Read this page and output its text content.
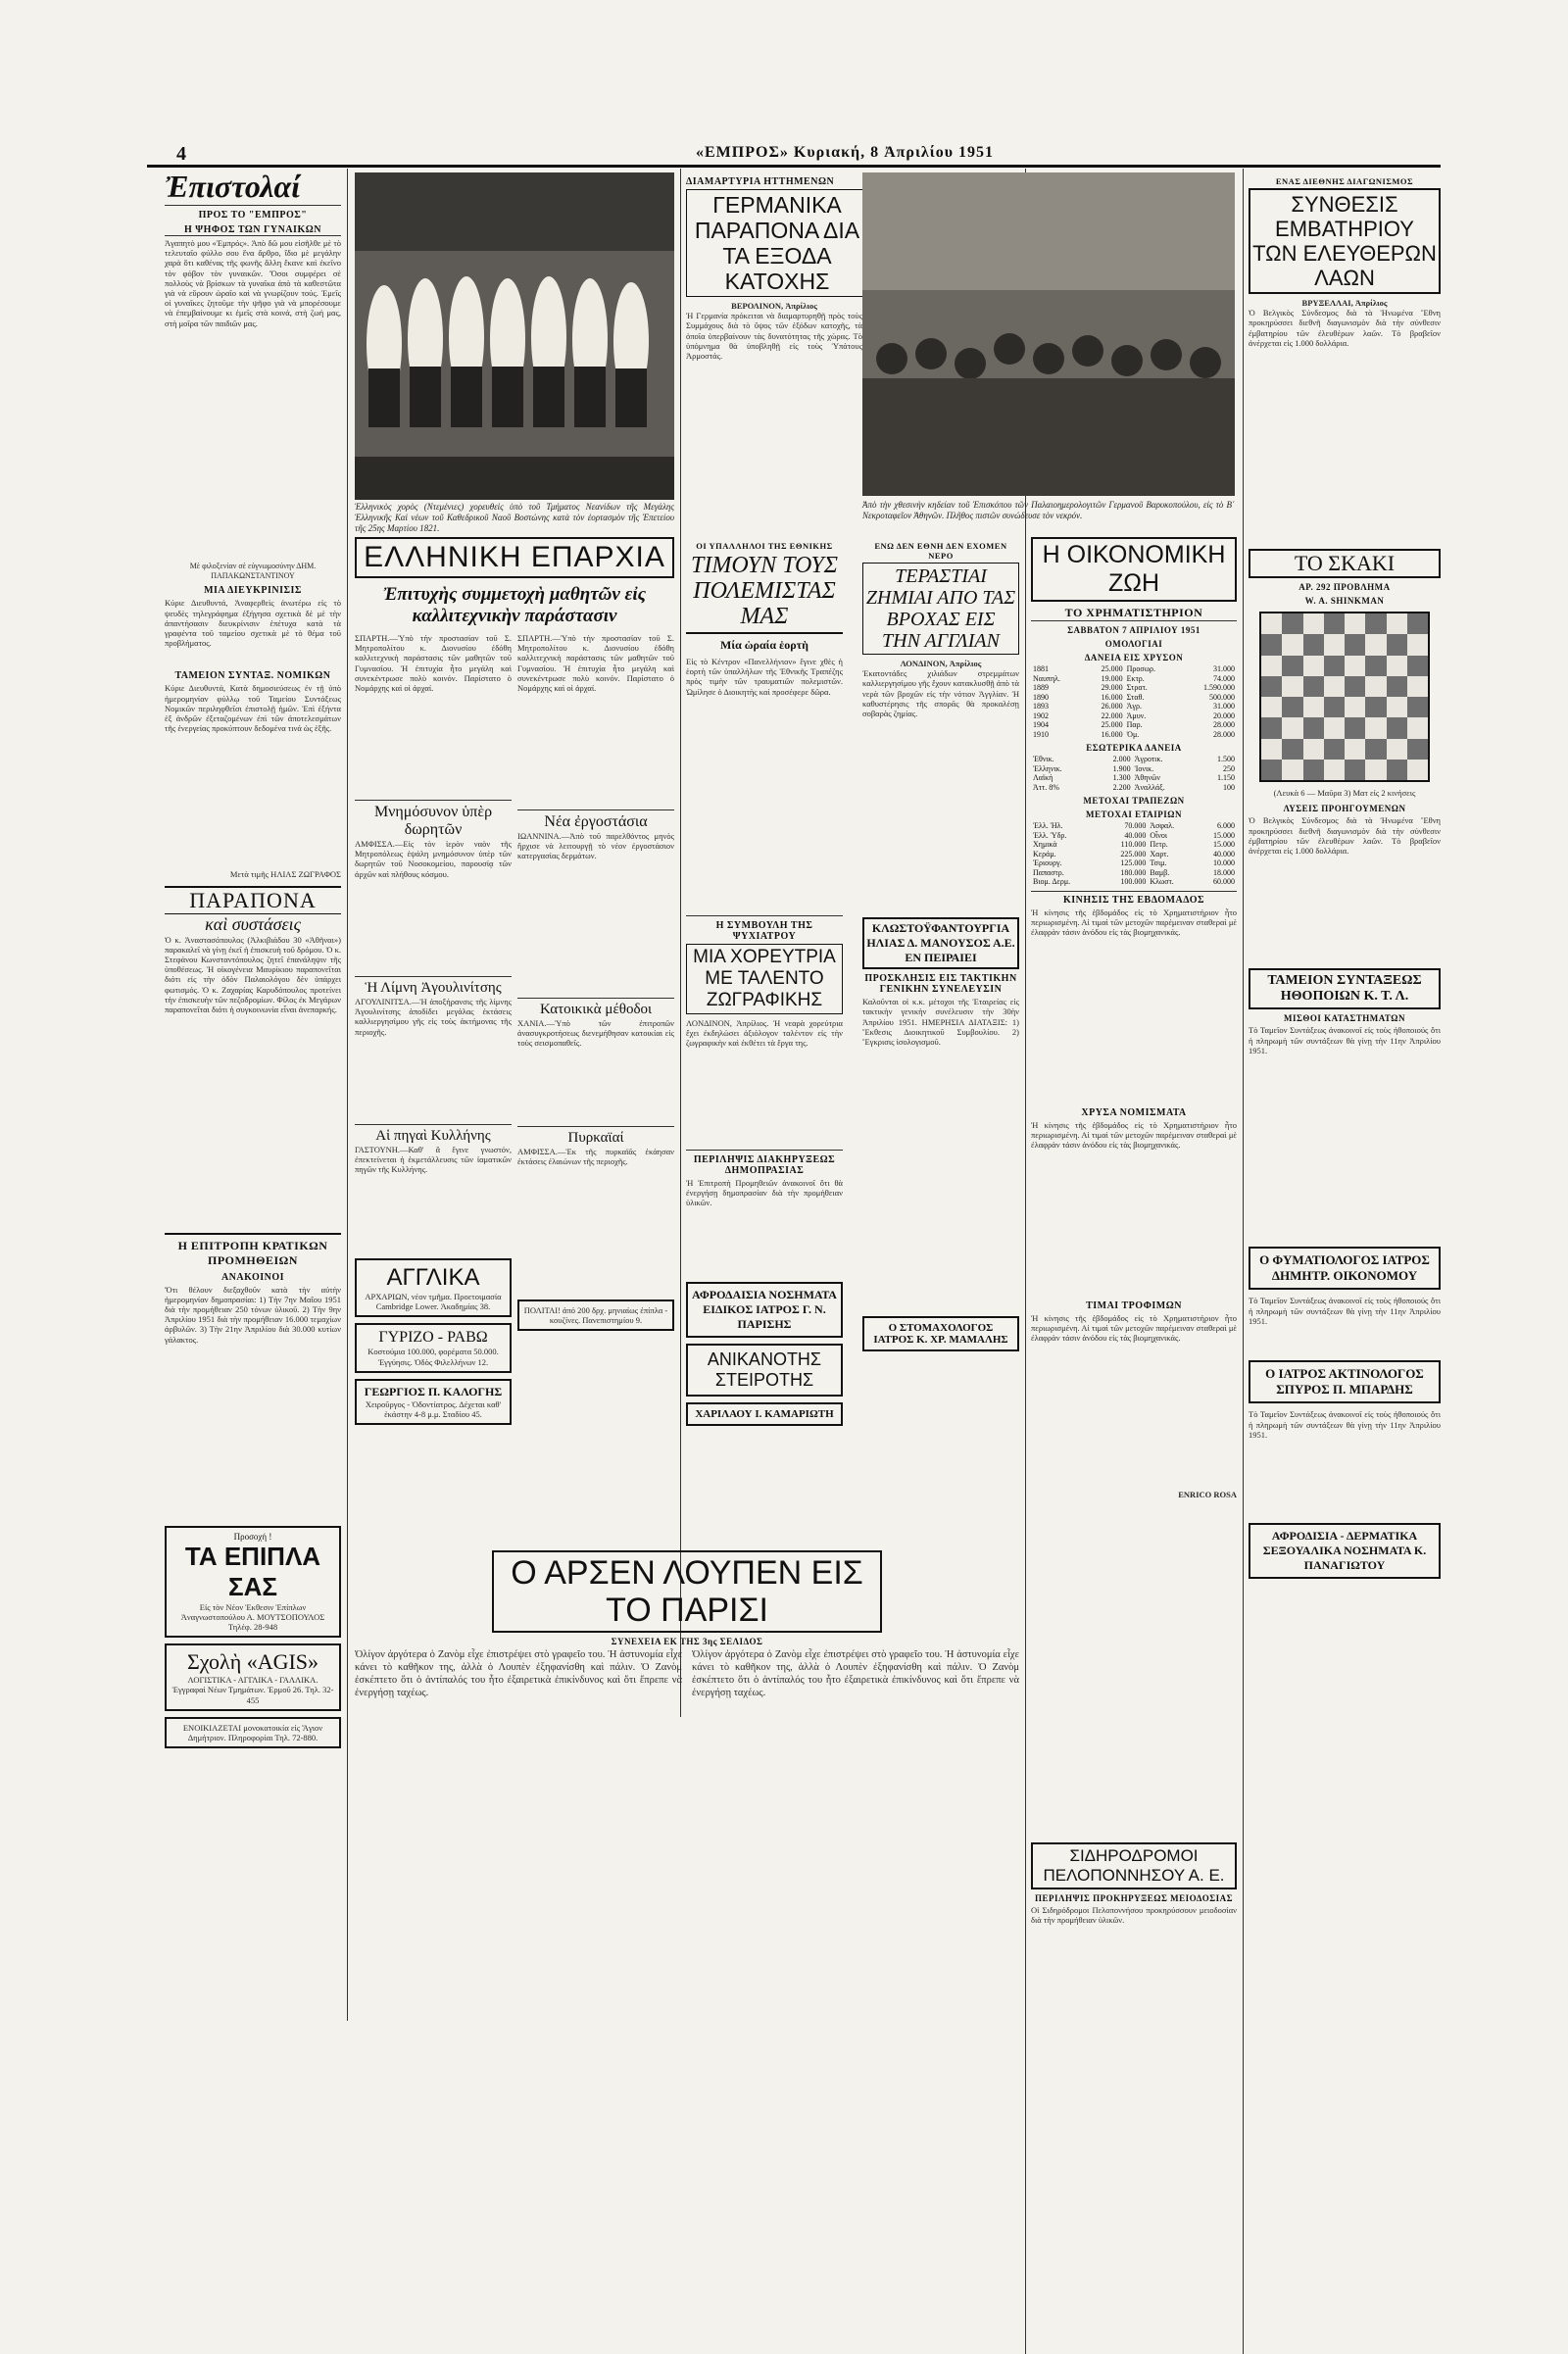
4	«ΕΜΠΡΟΣ» Κυριακή, 8 Ἀπριλίου 1951
Ἐπιστολαί
ΠΡΟΣ ΤΟ "ΕΜΠΡΟΣ"
Η ΨΗΦΟΣ ΤΩΝ ΓΥΝΑΙΚΩΝ
Ἀγαπητὸ μου «Ἐμπρός». Ἀπὸ δῶ μου εἰσῆλθε μὲ τὸ τελευταῖο φύλλο σου ἕνα ἄρθρο, ἴδιο μὲ μεγάλην χαρὰ ὅτι καθένας τῆς φωνῆς ἄλλη ἔκανε καὶ ἐκεῖνο τὸν φόβον τὸν γυναικῶν. Ὅσοι συμφέρει σὲ πολλοὺς νὰ βρίσκων τὰ γυναῖκα ἀπὸ τὰ καθεστῶτα γιὰ νὰ εὕρουν ὡραῖο καὶ νὰ γνωρίζουν τούς. Ἐμεῖς οἱ γυναῖκες ζητοῦμε τὴν ψῆφο γιὰ νὰ μπορέσουμε νὰ ἐπεμβαίνουμε κι ἐμεῖς στὰ κοινά, στὴ ζωή μας, στὴ μοῖρα τῶν παιδιῶν μας.
Μὲ φιλοξενίαν σὲ εὐγνωμοσύνην ΔΗΜ. ΠΑΠΑΚΩΝΣΤΑΝΤΙΝΟΥ
ΜΙΑ ΔΙΕΥΚΡΙΝΙΣΙΣ
Κύριε Διευθυντά, Ἀναφερθεὶς ἀνωτέρω εἰς τὸ ψευδὲς τηλεγράφημα ἐξήγησα σχετικὰ δὲ μὲ τὴν ἀπαντήσασιν διευκρίνισιν ἐπέτυχα κατὰ τὰ γραφέντα τοῦ ταμείου σχετικὰ μὲ τὸ θέμα τοῦ προβλήματος.
ΤΑΜΕΙΟΝ ΣΥΝΤΑΞ. ΝΟΜΙΚΩΝ
Κύριε Διευθυντά, Κατὰ δημοσιεύσεως ἐν τῇ ὑπὸ ἡμερομηνίαν φύλλῳ τοῦ Ταμείου Συντάξεως Νομικῶν περιληφθεῖσι ἐπιστολῇ ἡμῶν. Ἐπὶ ἐξήντα ἑξ ἀνδρῶν ἐξεταζομένων ἐπὶ τῶν ἀποτελεσμάτων τῆς ἐνεργείας προκύπτουν δεδομένα τινά ὡς ἑξῆς.
Μετὰ τιμῆς ΗΛΙΑΣ ΖΩΓΡΑΦΟΣ
ΠΑΡΑΠΟΝΑ
καὶ συστάσεις
Ὁ κ. Ἀναστασόπουλος (Ἀλκιβιάδου 30 «Ἀθῆναι») παρακαλεῖ νὰ γίνῃ ἐκεῖ ἡ ἐπισκευὴ τοῦ δρόμου. Ὁ κ. Στεφάνου Κωνσταντόπουλος ζητεῖ ἐπανάληψιν τῆς ὑποθέσεως. Ἡ οἰκογένεια Μαυρίκιου παραπονεῖται διότι εἰς τὴν ὁδὸν Παλαιολόγου δὲν ὑπάρχει φωτισμός. Ὁ κ. Ζαχαρίας Καρυδόπουλος προτείνει τὴν ἐπισκευὴν τῶν πεζοδρομίων. Φίλος ἐκ Μεγάρων παραπονεῖται διότι ἡ συγκοινωνία εἶναι ἀνεπαρκής.
Η ΕΠΙΤΡΟΠΗ ΚΡΑΤΙΚΩΝ ΠΡΟΜΗΘΕΙΩΝ
ΑΝΑΚΟΙΝΟΙ
Ὅτι θέλουν διεξαχθοῦν κατὰ τὴν αὐτὴν ἡμερομηνίαν δημοπρασίαι: 1) Τὴν 7ην Μαΐου 1951 διὰ τὴν προμήθειαν 250 τόνων ὑλικοῦ. 2) Τὴν 9ην Ἀπριλίου 1951 διὰ τὴν προμήθειαν 16.000 τεμαχίων ἀρβυλῶν. 3) Τὴν 21ην Ἀπριλίου διὰ 30.000 κυτίων γάλακτος.
Προσοχή !
ΤΑ ΕΠΙΠΛΑ ΣΑΣ
Εἰς τὸν Νέον Ἐκθεσιν Ἐπίπλων Ἀναγνωστοπούλου Α. ΜΟΥΤΣΟΠΟΥΛΟΣ Τηλέφ. 28-948
Σχολὴ «AGIS»
ΛΟΓΙΣΤΙΚΑ - ΑΓΓΛΙΚΑ - ΓΑΛΛΙΚΑ. Ἐγγραφαὶ Νέων Τμημάτων. Ἐρμοῦ 26. Τηλ. 32-455
ΕΝΟΙΚΙΑΖΕΤΑΙ μονοκατοικία εἰς Ἅγιον Δημήτριον. Πληροφορίαι Τηλ. 72-880.
Ἑλληνικὸς χορὸς (Ντεμένιες) χορευθεὶς ὑπὸ τοῦ Τμήματος Νεανίδων τῆς Μεγάλης Ἑλληνικῆς Καὶ νέων τοῦ Καθεδρικοῦ Ναοῦ Βοστώνης κατὰ τὸν ἑορτασμὸν τῆς Ἐπετείου τῆς 25ης Μαρτίου 1821.
ΕΛΛΗΝΙΚΗ ΕΠΑΡΧΙΑ
Ἐπιτυχὴς συμμετοχὴ μαθητῶν εἰς καλλιτεχνικὴν παράστασιν
ΣΠΑΡΤΗ.—Ὑπὸ τὴν προστασίαν τοῦ Σ. Μητροπολίτου κ. Διονυσίου ἐδόθη καλλιτεχνικὴ παράστασις τῶν μαθητῶν τοῦ Γυμνασίου. Ἡ ἐπιτυχία ἦτο μεγάλη καὶ συνεκέντρωσε πολὺ κοινόν. Παρίστατο ὁ Νομάρχης καὶ οἱ ἀρχαί.
Μνημόσυνον ὑπὲρ δωρητῶν
ΑΜΦΙΣΣΑ.—Εἰς τὸν ἱερὸν ναὸν τῆς Μητροπόλεως ἐψάλη μνημόσυνον ὑπὲρ τῶν δωρητῶν τοῦ Νοσοκομείου, παρουσίᾳ τῶν ἀρχῶν καὶ πλήθους κόσμου.
Ἡ Λίμνη Ἀγουλινίτσης
ΑΓΟΥΛΙΝΙΤΣΑ.—Ἡ ἀποξήρανσις τῆς λίμνης Ἀγουλινίτσης ἀποδίδει μεγάλας ἐκτάσεις καλλιεργησίμου γῆς εἰς τοὺς ἀκτήμονας τῆς περιοχῆς.
Αἱ πηγαὶ Κυλλήνης
ΓΑΣΤΟΥΝΗ.—Καθ' ἃ ἔγινε γνωστόν, ἐπεκτείνεται ἡ ἐκμετάλλευσις τῶν ἰαματικῶν πηγῶν τῆς Κυλλήνης.
ΑΓΓΛΙΚΑ
ΑΡΧΑΡΙΩΝ, νέον τμῆμα. Προετοιμασία Cambridge Lower. Ἀκαδημίας 38.
ΓΥΡΙΖΟ - ΡΑΒΩ
Κοστούμια 100.000, φορέματα 50.000. Ἐγγύησις. Ὁδὸς Φιλελλήνων 12.
ΓΕΩΡΓΙΟΣ Π. ΚΑΛΟΓΗΣ
Χειροῦργος - Ὀδοντίατρος. Δέχεται καθ' ἑκάστην 4-8 μ.μ. Σταδίου 45.
ΣΠΑΡΤΗ.—Ὑπὸ τὴν προστασίαν τοῦ Σ. Μητροπολίτου κ. Διονυσίου ἐδόθη καλλιτεχνικὴ παράστασις τῶν μαθητῶν τοῦ Γυμνασίου. Ἡ ἐπιτυχία ἦτο μεγάλη καὶ συνεκέντρωσε πολὺ κοινόν. Παρίστατο ὁ Νομάρχης καὶ οἱ ἀρχαί.
Νέα ἐργοστάσια
ΙΩΑΝΝΙΝΑ.—Ἀπὸ τοῦ παρελθόντος μηνὸς ἤρχισε νὰ λειτουργῇ τὸ νέον ἐργοστάσιον κατεργασίας δερμάτων.
Κατοικικὰ μέθοδοι
ΧΑΝΙΑ.—Ὑπὸ τῶν ἐπιτροπῶν ἀνασυγκροτήσεως διενεμήθησαν κατοικίαι εἰς τοὺς σεισμοπαθεῖς.
Πυρκαϊαί
ΑΜΦΙΣΣΑ.—Ἐκ τῆς πυρκαϊᾶς ἐκάησαν ἐκτάσεις ἐλαιώνων τῆς περιοχῆς.
ΠΟΛΙΤΑΙ! ἀπό 200 δρχ. μηνιαίως ἐπίπλα - κουζίνες. Πανεπιστημίου 9.
ΟΙ ΥΠΑΛΛΗΛΟΙ ΤΗΣ ΕΘΝΙΚΗΣ
ΤΙΜΟΥΝ ΤΟΥΣ ΠΟΛΕΜΙΣΤΑΣ ΜΑΣ
Μία ὡραία ἑορτὴ
Εἰς τὸ Κέντρον «Πανελλήνιον» ἔγινε χθὲς ἡ ἑορτὴ τῶν ὑπαλλήλων τῆς Ἐθνικῆς Τραπέζης πρὸς τιμὴν τῶν τραυματιῶν πολεμιστῶν. Ὡμίλησε ὁ Διοικητὴς καὶ προσέφερε δῶρα.
Η ΣΥΜΒΟΥΛΗ ΤΗΣ ΨΥΧΙΑΤΡΟΥ
ΜΙΑ ΧΟΡΕΥΤΡΙΑ ΜΕ ΤΑΛΕΝΤΟ ΖΩΓΡΑΦΙΚΗΣ
ΛΟΝΔΙΝΟΝ, Ἀπρίλιος. Ἡ νεαρὰ χορεύτρια ἔχει ἐκδηλώσει ἀξιόλογον ταλέντον εἰς τὴν ζωγραφικὴν καὶ ἐκθέτει τὰ ἔργα της.
ΠΕΡΙΛΗΨΙΣ ΔΙΑΚΗΡΥΞΕΩΣ ΔΗΜΟΠΡΑΣΙΑΣ
Ἡ Ἐπιτροπὴ Προμηθειῶν ἀνακοινοῖ ὅτι θὰ ἐνεργήσῃ δημοπρασίαν διὰ τὴν προμήθειαν ὑλικῶν.
ΑΦΡΟΔΑΙΣΙΑ ΝΟΣΗΜΑΤΑ ΕΙΔΙΚΟΣ ΙΑΤΡΟΣ Γ. Ν. ΠΑΡΙΣΗΣ
ΑΝΙΚΑΝΟΤΗΣ ΣΤΕΙΡΟΤΗΣ
ΧΑΡΙΛΑΟΥ Ι. ΚΑΜΑΡΙΩΤΗ
ΔΙΑΜΑΡΤΥΡΙΑ ΗΤΤΗΜΕΝΩΝ
ΓΕΡΜΑΝΙΚΑ ΠΑΡΑΠΟΝΑ ΔΙΑ ΤΑ ΕΞΟΔΑ ΚΑΤΟΧΗΣ
ΒΕΡΟΛΙΝΟΝ, Ἀπρίλιος
Ἡ Γερμανία πρόκειται νὰ διαμαρτυρηθῇ πρὸς τοὺς Συμμάχους διὰ τὸ ὕψος τῶν ἐξόδων κατοχῆς, τὰ ὁποῖα ὑπερβαίνουν τὰς δυνατότητας τῆς χώρας. Τὸ ὑπόμνημα θὰ ὑποβληθῇ εἰς τοὺς Ὑπάτους Ἀρμοστάς.
Ἀπὸ τὴν χθεσινὴν κηδείαν τοῦ Ἐπισκόπου τῶν Παλαιοημερολογιτῶν Γερμανοῦ Βαρυκοπούλου, εἰς τὸ Β΄ Νεκροταφεῖον Ἀθηνῶν. Πλῆθος πιστῶν συνώδευσε τὸν νεκρόν.
ΕΝΩ ΔΕΝ ΕΘΝΗ ΔΕΝ ΕΧΟΜΕΝ ΝΕΡΟ
ΤΕΡΑΣΤΙΑΙ ΖΗΜΙΑΙ ΑΠΟ ΤΑΣ ΒΡΟΧΑΣ ΕΙΣ ΤΗΝ ΑΓΓΛΙΑΝ
ΛΟΝΔΙΝΟΝ, Ἀπρίλιος
Ἐκατοντάδες χιλιάδων στρεμμάτων καλλιεργησίμου γῆς ἔχουν κατακλυσθῇ ἀπὸ τὰ νερὰ τῶν βροχῶν εἰς τὴν νότιον Ἀγγλίαν. Ἡ καθυστέρησις τῆς σπορᾶς θὰ προκαλέσῃ σοβαρὰς ζημίας.
ΚΛΩΣΤΟΫΦΑΝΤΟΥΡΓΙΑ ΗΛΙΑΣ Δ. ΜΑΝΟΥΣΟΣ Α.Ε. ΕΝ ΠΕΙΡΑΙΕΙ
ΠΡΟΣΚΛΗΣΙΣ ΕΙΣ ΤΑΚΤΙΚΗΝ ΓΕΝΙΚΗΝ ΣΥΝΕΛΕΥΣΙΝ
Καλοῦνται οἱ κ.κ. μέτοχοι τῆς Ἑταιρείας εἰς τακτικὴν γενικὴν συνέλευσιν τὴν 30ὴν Ἀπριλίου 1951. ΗΜΕΡΗΣΙΑ ΔΙΑΤΑΞΙΣ: 1) Ἔκθεσις Διοικητικοῦ Συμβουλίου. 2) Ἔγκρισις ἰσολογισμοῦ.
Ο ΣΤΟΜΑΧΟΛΟΓΟΣ ΙΑΤΡΟΣ Κ. ΧΡ. ΜΑΜΑΛΗΣ
Η ΟΙΚΟΝΟΜΙΚΗ ΖΩΗ
ΤΟ ΧΡΗΜΑΤΙΣΤΗΡΙΟΝ
ΣΑΒΒΑΤΟΝ 7 ΑΠΡΙΛΙΟΥ 1951
ΟΜΟΛΟΓΙΑΙ
ΔΑΝΕΙΑ ΕΙΣ ΧΡΥΣΟΝ
1881	25.000	Προσωρ.	31.000
Ναυπηλ.	19.000	Εκτρ.	74.000
1889	29.000	Στρατ.	1.590.000
1890	16.000	Σταθ.	500.000
1893	26.000	Ἀγρ.	31.000
1902	22.000	Ἀμυν.	20.000
1904	25.000	Παρ.	28.000
1910	16.000	Ὀμ.	28.000
ΕΣΩΤΕΡΙΚΑ ΔΑΝΕΙΑ
Ἐθνικ.	2.000	Ἀγροτικ.	1.500
Ἐλληνικ.	1.900	Ἰονικ.	250
Λαϊκή	1.300	Ἀθηνῶν	1.150
Ἀττ. 8%	2.200	Ἀναλλάξ.	100
ΜΕΤΟΧΑΙ ΤΡΑΠΕΖΩΝ
ΜΕΤΟΧΑΙ ΕΤΑΙΡΙΩΝ
Ἑλλ. Ἠλ.	70.000	Ἀσφαλ.	6.000
Ἑλλ. Ὑδρ.	40.000	Οἶνοι	15.000
Χημικὰ	110.000	Πετρ.	15.000
Κεράμ.	225.000	Χαρτ.	40.000
Ἐριουργ.	125.000	Τσιμ.	10.000
Παπαστρ.	180.000	Βαμβ.	18.000
Βιομ. Δερμ.	100.000	Κλωστ.	60.000
ΚΙΝΗΣΙΣ ΤΗΣ ΕΒΔΟΜΑΔΟΣ
Ἡ κίνησις τῆς ἑβδομάδος εἰς τὸ Χρηματιστήριον ἦτο περιωρισμένη. Αἱ τιμαὶ τῶν μετοχῶν παρέμειναν σταθεραὶ μὲ ἐλαφρὰν τάσιν ἀνόδου εἰς τὰς βιομηχανικάς.
ΧΡΥΣΑ ΝΟΜΙΣΜΑΤΑ
Ἡ κίνησις τῆς ἑβδομάδος εἰς τὸ Χρηματιστήριον ἦτο περιωρισμένη. Αἱ τιμαὶ τῶν μετοχῶν παρέμειναν σταθεραὶ μὲ ἐλαφρὰν τάσιν ἀνόδου εἰς τὰς βιομηχανικάς.
ΤΙΜΑΙ ΤΡΟΦΙΜΩΝ
Ἡ κίνησις τῆς ἑβδομάδος εἰς τὸ Χρηματιστήριον ἦτο περιωρισμένη. Αἱ τιμαὶ τῶν μετοχῶν παρέμειναν σταθεραὶ μὲ ἐλαφρὰν τάσιν ἀνόδου εἰς τὰς βιομηχανικάς.
ENRICO ROSA
ΕΝΑΣ ΔΙΕΘΝΗΣ ΔΙΑΓΩΝΙΣΜΟΣ
ΣΥΝΘΕΣΙΣ ΕΜΒΑΤΗΡΙΟΥ ΤΩΝ ΕΛΕΥΘΕΡΩΝ ΛΑΩΝ
ΒΡΥΞΕΛΛΑΙ, Ἀπρίλιος
Ὁ Βελγικὸς Σύνδεσμος διὰ τὰ Ἡνωμένα Ἔθνη προκηρύσσει διεθνῆ διαγωνισμὸν διὰ τὴν σύνθεσιν ἐμβατηρίου τῶν ἐλευθέρων λαῶν. Τὸ βραβεῖον ἀνέρχεται εἰς 1.000 δολλάρια.
ΤΟ ΣΚΑΚΙ
ΑΡ. 292 ΠΡΟΒΛΗΜΑ
W. A. SHINKMAN
(Λευκὰ 6 — Μαῦρα 3) Ματ εἰς 2 κινήσεις
ΛΥΣΕΙΣ ΠΡΟΗΓΟΥΜΕΝΩΝ
Ὁ Βελγικὸς Σύνδεσμος διὰ τὰ Ἡνωμένα Ἔθνη προκηρύσσει διεθνῆ διαγωνισμὸν διὰ τὴν σύνθεσιν ἐμβατηρίου τῶν ἐλευθέρων λαῶν. Τὸ βραβεῖον ἀνέρχεται εἰς 1.000 δολλάρια.
ΤΑΜΕΙΟΝ ΣΥΝΤΑΞΕΩΣ ΗΘΟΠΟΙΩΝ Κ. Τ. Λ.
ΜΙΣΘΟΙ ΚΑΤΑΣΤΗΜΑΤΩΝ
Τὸ Ταμεῖον Συντάξεως ἀνακοινοῖ εἰς τοὺς ἠθοποιούς ὅτι ἡ πληρωμὴ τῶν συντάξεων θὰ γίνῃ τὴν 11ην Ἀπριλίου 1951.
Ο ΦΥΜΑΤΙΟΛΟΓΟΣ ΙΑΤΡΟΣ ΔΗΜΗΤΡ. ΟΙΚΟΝΟΜΟΥ
Τὸ Ταμεῖον Συντάξεως ἀνακοινοῖ εἰς τοὺς ἠθοποιούς ὅτι ἡ πληρωμὴ τῶν συντάξεων θὰ γίνῃ τὴν 11ην Ἀπριλίου 1951.
Ο ΙΑΤΡΟΣ ΑΚΤΙΝΟΛΟΓΟΣ ΣΠΥΡΟΣ Π. ΜΠΑΡΔΗΣ
Τὸ Ταμεῖον Συντάξεως ἀνακοινοῖ εἰς τοὺς ἠθοποιούς ὅτι ἡ πληρωμὴ τῶν συντάξεων θὰ γίνῃ τὴν 11ην Ἀπριλίου 1951.
ΑΦΡΟΔΙΣΙΑ - ΔΕΡΜΑΤΙΚΑ ΣΕΞΟΥΑΛΙΚΑ ΝΟΣΗΜΑΤΑ Κ. ΠΑΝΑΓΙΩΤΟΥ
Ο ΑΡΣΕΝ ΛΟΥΠΕΝ ΕΙΣ ΤΟ ΠΑΡΙΣΙ
ΣΥΝΕΧΕΙΑ ΕΚ ΤΗΣ 3ης ΣΕΛΙΔΟΣ
Ὀλίγον ἀργότερα ὁ Ζανὸμ εἶχε ἐπιστρέψει στὸ γραφεῖο του. Ἡ ἀστυνομία εἶχε κάνει τὸ καθῆκον της, ἀλλὰ ὁ Λουπὲν ἐξηφανίσθη καὶ πάλιν. Ὁ Ζανὸμ ἐσκέπτετο ὅτι ὁ ἀντίπαλός του ἦτο ἐξαιρετικὰ ἐπικίνδυνος καὶ ὅτι ἔπρεπε νὰ ἐνεργήσῃ ταχέως.
Ὀλίγον ἀργότερα ὁ Ζανὸμ εἶχε ἐπιστρέψει στὸ γραφεῖο του. Ἡ ἀστυνομία εἶχε κάνει τὸ καθῆκον της, ἀλλὰ ὁ Λουπὲν ἐξηφανίσθη καὶ πάλιν. Ὁ Ζανὸμ ἐσκέπτετο ὅτι ὁ ἀντίπαλός του ἦτο ἐξαιρετικὰ ἐπικίνδυνος καὶ ὅτι ἔπρεπε νὰ ἐνεργήσῃ ταχέως.
ΣΙΔΗΡΟΔΡΟΜΟΙ ΠΕΛΟΠΟΝΝΗΣΟΥ Α. Ε.
ΠΕΡΙΛΗΨΙΣ ΠΡΟΚΗΡΥΞΕΩΣ ΜΕΙΟΔΟΣΙΑΣ
Οἱ Σιδηρόδρομοι Πελοποννήσου προκηρύσσουν μειοδοσίαν διὰ τὴν προμήθειαν ὑλικῶν.
